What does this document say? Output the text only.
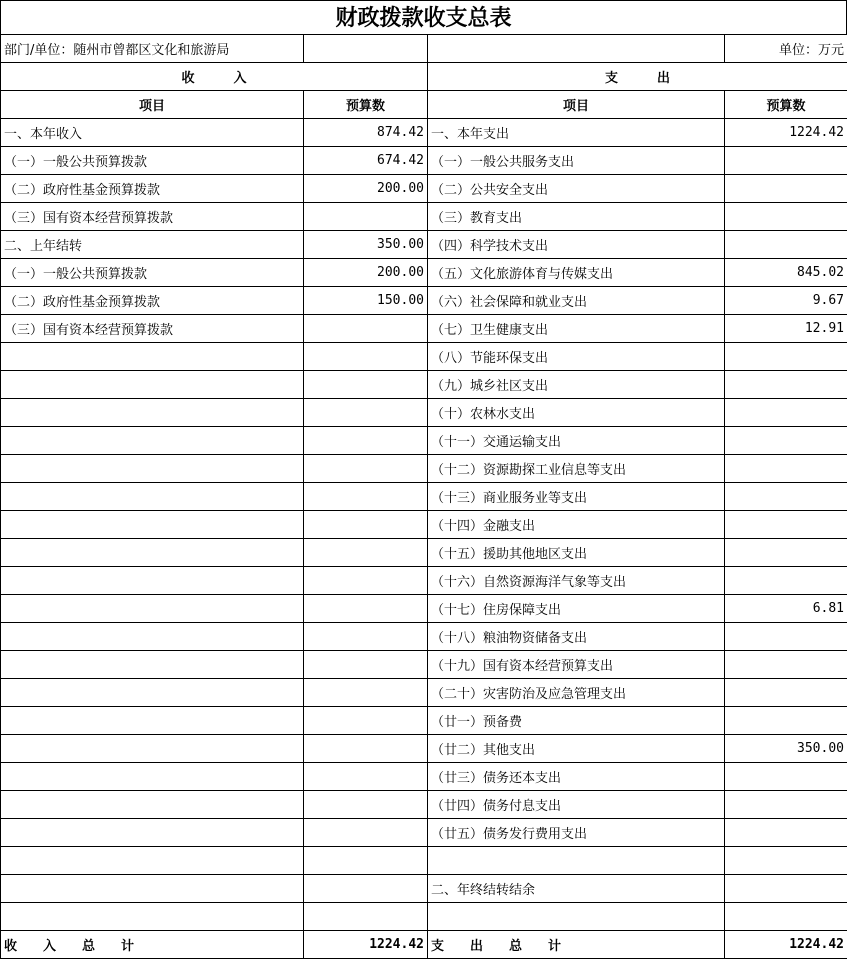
财政拨款收支总表
部门/单位：随州市曾都区文化和旅游局			单位：万元
收　　　入		支　　　出	
项目	预算数	项目	预算数
一、本年收入	874.42	一、本年支出	1224.42
（一）一般公共预算拨款	674.42	（一）一般公共服务支出	
（二）政府性基金预算拨款	200.00	（二）公共安全支出	
（三）国有资本经营预算拨款		（三）教育支出	
二、上年结转	350.00	（四）科学技术支出	
（一）一般公共预算拨款	200.00	（五）文化旅游体育与传媒支出	845.02
（二）政府性基金预算拨款	150.00	（六）社会保障和就业支出	9.67
（三）国有资本经营预算拨款		（七）卫生健康支出	12.91
		（八）节能环保支出	
		（九）城乡社区支出	
		（十）农林水支出	
		（十一）交通运输支出	
		（十二）资源勘探工业信息等支出	
		（十三）商业服务业等支出	
		（十四）金融支出	
		（十五）援助其他地区支出	
		（十六）自然资源海洋气象等支出	
		（十七）住房保障支出	6.81
		（十八）粮油物资储备支出	
		（十九）国有资本经营预算支出	
		（二十）灾害防治及应急管理支出	
		（廿一）预备费	
		（廿二）其他支出	350.00
		（廿三）债务还本支出	
		（廿四）债务付息支出	
		（廿五）债务发行费用支出	

		二、年终结转结余	

收　　入　　总　　计	1224.42	支　　出　　总　　计	1224.42
